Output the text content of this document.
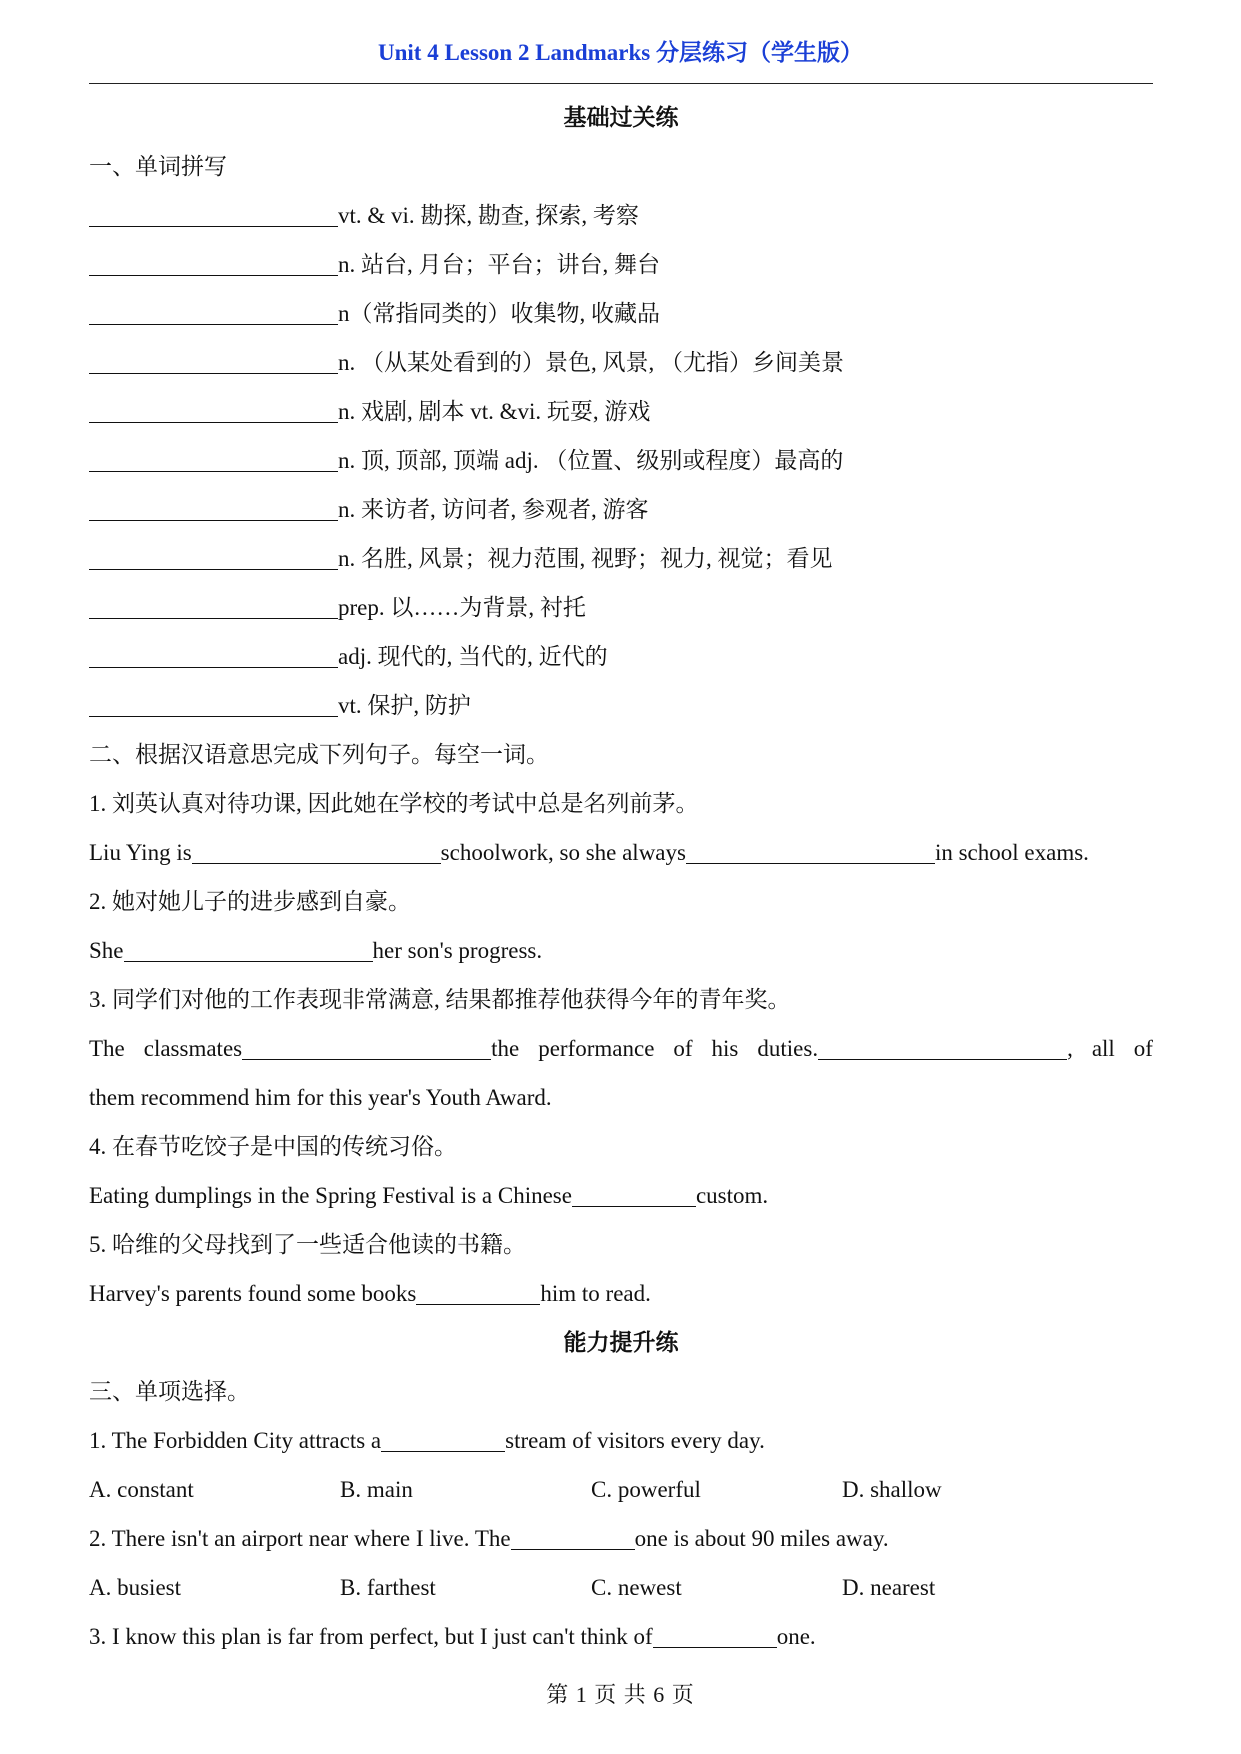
Unit 4 Lesson 2 Landmarks 分层练习（学生版）
基础过关练
一、单词拼写
vt. & vi. 勘探, 勘查, 探索, 考察
n. 站台, 月台；平台；讲台, 舞台
n（常指同类的）收集物, 收藏品
n. （从某处看到的）景色, 风景, （尤指）乡间美景
n. 戏剧, 剧本 vt. &vi. 玩耍, 游戏
n. 顶, 顶部, 顶端 adj. （位置、级别或程度）最高的
n. 来访者, 访问者, 参观者, 游客
n. 名胜, 风景；视力范围, 视野；视力, 视觉；看见
prep. 以……为背景, 衬托
adj. 现代的, 当代的, 近代的
vt. 保护, 防护
二、根据汉语意思完成下列句子。每空一词。
1. 刘英认真对待功课, 因此她在学校的考试中总是名列前茅。
Liu Ying is	schoolwork, so she always	in school exams.
2. 她对她儿子的进步感到自豪。
She	her son's progress.
3. 同学们对他的工作表现非常满意, 结果都推荐他获得今年的青年奖。
The classmates	the performance of his duties.	, all of
them recommend him for this year's Youth Award.
4. 在春节吃饺子是中国的传统习俗。
Eating dumplings in the Spring Festival is a Chinese	custom.
5. 哈维的父母找到了一些适合他读的书籍。
Harvey's parents found some books	him to read.
能力提升练
三、单项选择。
1. The Forbidden City attracts a	stream of visitors every day.
A. constant	B. main	C. powerful	D. shallow
2. There isn't an airport near where I live. The	one is about 90 miles away.
A. busiest	B. farthest	C. newest	D. nearest
3. I know this plan is far from perfect, but I just can't think of	one.
第 1 页 共 6 页
